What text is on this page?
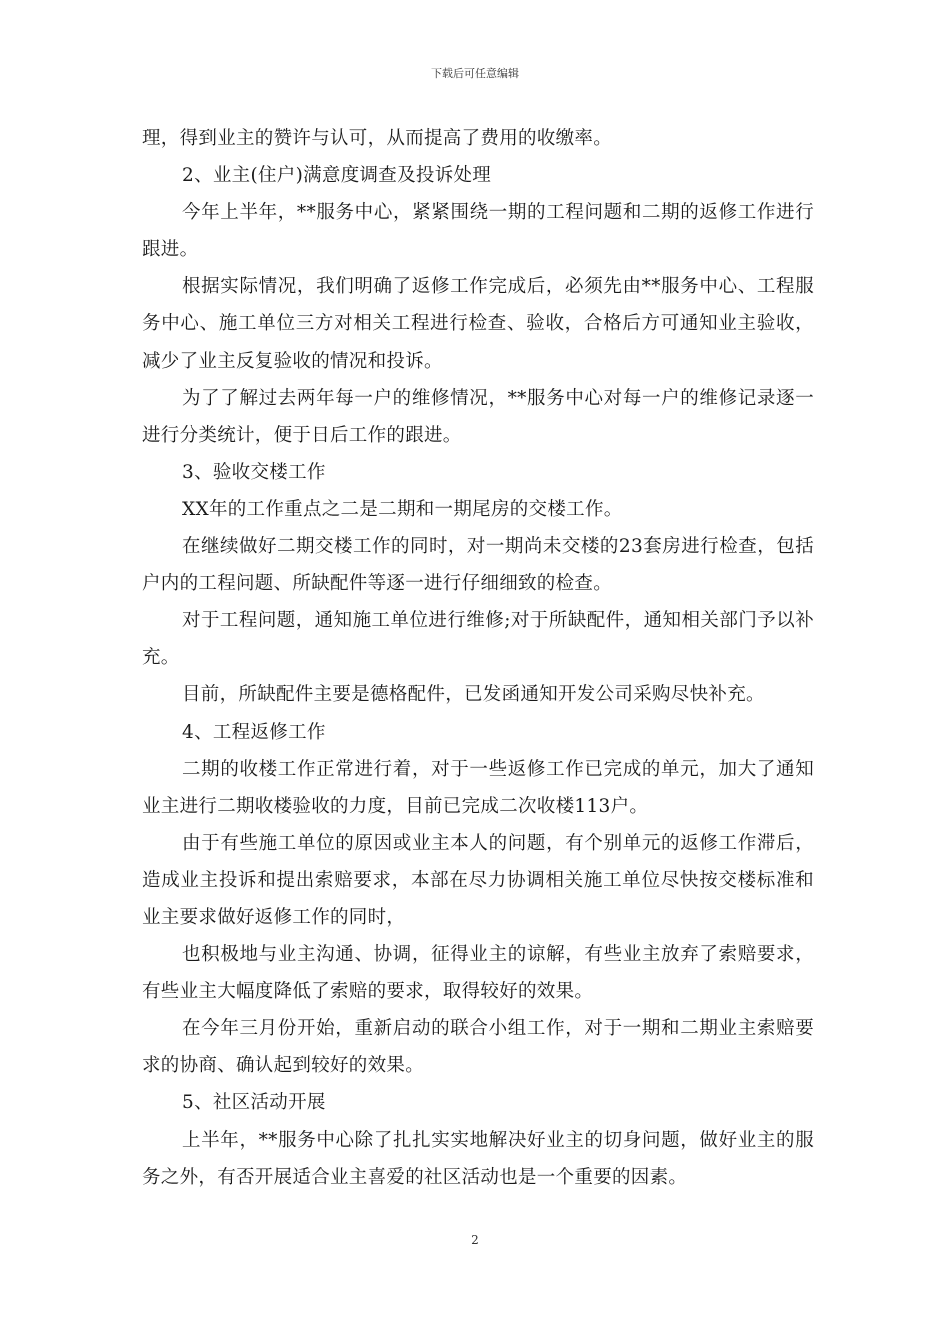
下载后可任意编辑

理，得到业主的赞许与认可，从而提高了费用的收缴率。

2、业主(住户)满意度调查及投诉处理

今年上半年，**服务中心，紧紧围绕一期的工程问题和二期的返修工作进行跟进。

根据实际情况，我们明确了返修工作完成后，必须先由**服务中心、工程服务中心、施工单位三方对相关工程进行检查、验收，合格后方可通知业主验收，减少了业主反复验收的情况和投诉。

为了了解过去两年每一户的维修情况，**服务中心对每一户的维修记录逐一进行分类统计，便于日后工作的跟进。

3、验收交楼工作

XX年的工作重点之二是二期和一期尾房的交楼工作。

在继续做好二期交楼工作的同时，对一期尚未交楼的23套房进行检查，包括户内的工程问题、所缺配件等逐一进行仔细细致的检查。

对于工程问题，通知施工单位进行维修;对于所缺配件，通知相关部门予以补充。

目前，所缺配件主要是德格配件，已发函通知开发公司采购尽快补充。

4、工程返修工作

二期的收楼工作正常进行着，对于一些返修工作已完成的单元，加大了通知业主进行二期收楼验收的力度，目前已完成二次收楼113户。

由于有些施工单位的原因或业主本人的问题，有个别单元的返修工作滞后，造成业主投诉和提出索赔要求，本部在尽力协调相关施工单位尽快按交楼标准和业主要求做好返修工作的同时，

也积极地与业主沟通、协调，征得业主的谅解，有些业主放弃了索赔要求，有些业主大幅度降低了索赔的要求，取得较好的效果。

在今年三月份开始，重新启动的联合小组工作，对于一期和二期业主索赔要求的协商、确认起到较好的效果。

5、社区活动开展

上半年，**服务中心除了扎扎实实地解决好业主的切身问题，做好业主的服务之外，有否开展适合业主喜爱的社区活动也是一个重要的因素。

2
